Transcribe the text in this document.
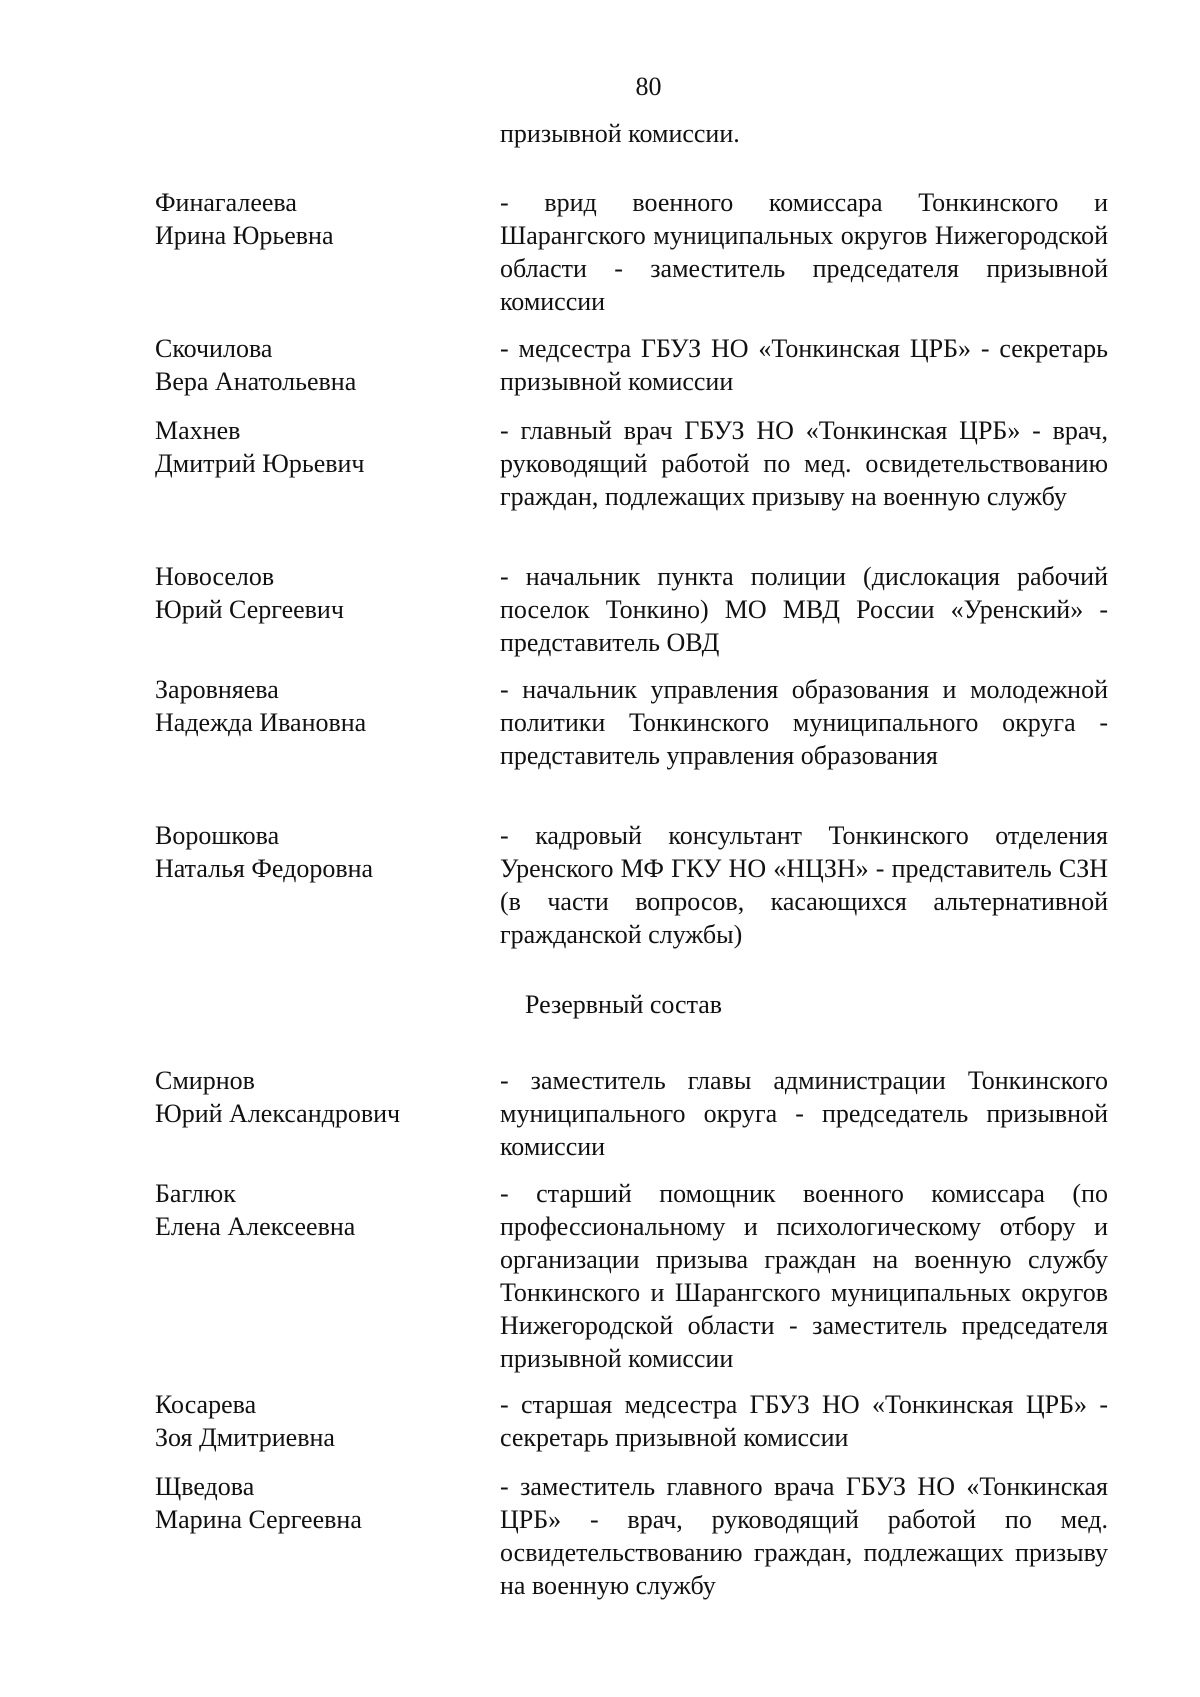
80
призывной комиссии.
Финагалеева
Ирина Юрьевна
- врид военного комиссара Тонкинского и Шарангского муниципальных округов Нижегородской области - заместитель председателя призывной комиссии
Скочилова
Вера Анатольевна
- медсестра ГБУЗ НО «Тонкинская ЦРБ» - секретарь призывной комиссии
Махнев
Дмитрий Юрьевич
- главный врач ГБУЗ НО «Тонкинская ЦРБ» - врач, руководящий работой по мед. освидетельствованию граждан, подлежащих призыву на военную службу
Новоселов
Юрий Сергеевич
- начальник пункта полиции (дислокация рабочий поселок Тонкино) МО МВД России «Уренский» - представитель ОВД
Заровняева
Надежда Ивановна
- начальник управления образования и молодежной политики Тонкинского муниципального округа - представитель управления образования
Ворошкова
Наталья Федоровна
- кадровый консультант Тонкинского отделения Уренского МФ ГКУ НО «НЦЗН» - представитель СЗН (в части вопросов, касающихся альтернативной гражданской службы)
Резервный состав
Смирнов
Юрий Александрович
- заместитель главы администрации Тонкинского муниципального округа - председатель призывной комиссии
Баглюк
Елена Алексеевна
- старший помощник военного комиссара (по профессиональному и психологическому отбору и организации призыва граждан на военную службу Тонкинского и Шарангского муниципальных округов Нижегородской области - заместитель председателя призывной комиссии
Косарева
Зоя Дмитриевна
- старшая медсестра ГБУЗ НО «Тонкинская ЦРБ» - секретарь призывной комиссии
Щведова
Марина Сергеевна
- заместитель главного врача ГБУЗ НО «Тонкинская ЦРБ» - врач, руководящий работой по мед. освидетельствованию граждан, подлежащих призыву на военную службу
